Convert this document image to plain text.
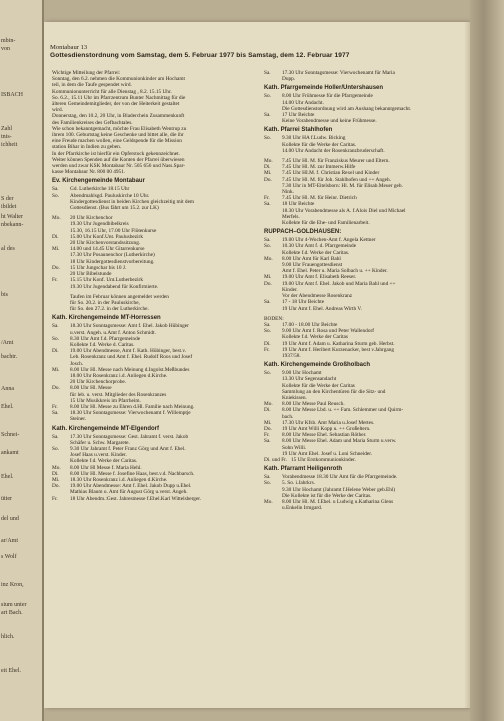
mbin-
von
ISBACH
Zahl
tnis-
ichheit
S der
ibildet
ht Walter
nbekann-
al des
bis
/Amt
bachtr.
Anna
Ehel.
Schnei-
ankamt
Ehel.
ütter
del und
ar/Amt
s Wolf
inz Kron,
sium unter
art Bach.
hlich.
eit Ehel.
Montabaur 13
Gottesdienstordnung vom Samstag, dem 5. Februar 1977 bis Samstag, dem 12. Februar 1977
Wichtige Mitteilung der Pfarrei:
Sonntag, den 6.2. nehmen die Kommunionkinder am Hochamt
teil, in dem die Taufe gespendet wird.
Kommunionunterricht für alle Dienstag , 8.2. 15.15 Uhr.
So. 6.2., 15.11 Uhr im Pfarrzentrum Bunter Nachmittag für die
älteren Gemeindemitglieder, der von der Heiterkeit gestaltet
wird.
Donnerstag, den 10.2, 20 Uhr, in Bladerchein Zusammenkunft
des Familienkreises des Gefbachtales.
Wie schon bekanntgemacht, möchte Frau Elisabeth Wentrup zu
ihrem 100. Geburtstag keine Geschenke und bittet alle, die ihr
eine Freude machen wollen, eine Geldspende für die Mission
station Bihar in Indien zu geben.
In der Pfarrkirche ist hierfür ein Opferstock gekennzeichnet.
Weiter können Spenden auf die Konten der Pfarrei überwiesen
werden und zwar KSK Montabaur Nr. 505 656 und Nass.Spar-
kasse Montabaur Nr. 800 00 4951.
Ev. Kirchengemeinde Montabaur
Sa.	Gd. Lutherkirche 18.15 Uhr
So.	Abendmahlsgd. Pauluskirche 10 Uhr.
Kindergottesdienst in beiden Kirchen gleichzeitig mit dem
Gottesdienst. (Bus fährt um 15.2. zur LK)
Mo.	20 Uhr Kirchenchor
19.30 Uhr Jugendbibelkreis
15.30, 16.15 Uhr, 17.00 Uhr Flötenkurse
Di.	15.00 Uhr Konf.Unt. Paulusbezirk
20 Uhr Kirchenvorstandssitzung.
Mi.	14.00 und 14.45 Uhr Gitarrenkurse
17.30 Uhr Posaunenchor (Lutherkirche)
18 Uhr Kindergottesdienstvorbereitung.
Do.	15 Uhr Jungschar bis 10 J.
20 Uhr Bibelstunde
Fr.	15.15 Uhr Konf. Unt.Lutherbezirk
19.30 Uhr Jugendabend für Konfirmierte.
Taufen im Februar können angemeldet werden
für So. 20.2. in der Pauluskirche,
für So. den 27.2. in der Lutherkirche.
Kath. Kirchengemeinde MT-Horressen
Sa.	18.30 Uhr Sonntagsmesse: Amt f. Ehel. Jakob Hübinger
u.verst. Angeh. u.Amt f. Anton Schmidt.
So.	8.30 Uhr Amt f.d. Pfarrgemeinde
Kollekte f.d. Werke d. Caritas.
Di.	19.00 Uhr Abendmesse, Amt f. Kath. Hübinger, best.v.
Leb. Rosenkranz und Amt f. Ehel. Rudolf Roos und Josef
Josch.
Mi.	8.00 Uhr Hl. Messe nach Meinung d.Ingolst.Meßbundes
18.00 Uhr Rosenkranz i.d. Anliegen d.Kirche.
20 Uhr Kirchenchorprobe.
Do.	8.00 Uhr Hl. Messe
für leb. u. verst. Mitglieder des Rosenkranzes
15 Uhr Musikkreis im Pfarrheim.
Fr.	8.00 Uhr Hl. Messe zu Ehren d.Hl. Familie nach Meinung.
Sa.	18.30 Uhr Sonntagsmesse: Vierwochenamt f. Willemptje
Steiner.
Kath. Kirchengemeinde MT-Elgendorf
Sa.	17.30 Uhr Sonntagsmesse: Gest. Jahramt f. verst. Jakob
Schäfer u. Schw. Margarete.
So.	9.30 Uhr Jahramt f. Peter Franz Görg und Amt f. Ehel.
Josef Haas u.verst. Kinder.
Kollekte f.d. Werke der Caritas.
Mo.	8.00 Uhr Hl Messe f. Maria Hehl.
Di.	8.00 Uhr Hl. Messe f. Josefine Haas, best.v.d. Nachbarsch.
Mi.	18.30 Uhr Rosenkranz i.d. Anliegen d.Kirche.
Do.	19.00 Uhr Abendmesse: Amt f. Ehel. Jakob Dupp u.Ehel.
Mathias Blaum u. Amt für August Görg u.verst. Angeh.
Fr.	18 Uhr Abendm.:Gest. Jahresmesse f.Ehel.Karl Wittelsberger.
Sa.	17.30 Uhr Sonntagsmesse: Vierwochenamt für Maria
Dupp.
Kath. Pfarrgemeinde Holler/Untershausen
So.	8.00 Uhr Frühmesse für die Pfarrgemeinde
14.00 Uhr Andacht.
Die Gottesdienstordnung wird am Aushang bekanntgemacht.
Sa.	17 Uhr Beichte
Keine Vorabendmesse und keine Frühmesse.
Kath. Pfarrei Stahlhofen
So.	9.30 Uhr HA f.Ludw. Bicking
Kollekte für die Werke der Caritas.
14.00 Uhr Andacht der Rosenkranzbruderschaft.
Mo.	7.45 Uhr Hl. M. für Franziskus Meurer und Eltern.
Di.	7.45 Uhr Hl. M. zur Immerw.Hilfe
Mi.	7.45 Uhr HI.M. f. Christian Rexel und Kinder
Do.	7.45 Uhr Hl. M. für Joh. Stahlhofen und ++ Angeh.
7.30 Uhr in MT-Eitelsborn: Hl. M. für Elisab.Meuer geb.
Nink.
Fr.	7.45 Uhr Hl. M. für Heinr. Dietrich
Sa.	18 Uhr Beichte
18.30 Uhr Vorabendmesse als A. f.Alois Diel und Michael
Merfels.
Kollekte für die Ehe- und Familienarbeit.
RUPPACH–GOLDHAUSEN:
Sa.	19.00 Uhr 4-Wochen-Amt f. Angela Kettner
So.	10.30 Uhr Amt f. d. Pfarrgemeinde
Kollekte f.d. Werke der Caritas.
Mo.	8.00 Uhr Amt für Karl Bahl
9.00 Uhr Frauengottesdienst
Amt f. Ehel. Peter u. Maria Solbach u. ++ Kinder.
Mi.	19.00 Uhr Amt f. Elisabeth Reeser.
Do.	19.00 Uhr Amt f. Ehel. Jakob und Maria Bahl und ++
Kinder.
Vor der Abendmesse Rosenkranz
Sa.	17 - 18 Uhr Beichte
19 Uhr Amt f. Ehel. Andreas Wirth V.
BODEN:
Sa.	17.00 - 18.00 Uhr Beichte
So.	9.00 Uhr Amt f. Rosa und Peter Wallendorf
Kollekte f.d. Werke der Caritas
Di.	19 Uhr Amt f. Adam u. Katharina Sturm geb. Herbst.
Fr.	19 Uhr Amt f. Heribert Kurzenacker, best v.Jahrgang
1937/58.
Kath. Kirchengemeinde Großholbach
So.	9.00 Uhr Hochamt
13.30 Uhr Segensandacht
Kollekte für die Werke der Caritas
Sammlung an den Kirchentüren für die Sitz- und
Kniekissen.
Mo.	8.00 Uhr Messe Paul Reusch.
Di.	8.00 Uhr Messe Lbd. u. ++ Fam. Schlemmer und Quirm-
bach.
Mi.	17.30 Uhr Kfsb. Amt Maria u.Josef Mertes.
Do.	19 Uhr Amt Willi Kopp u. ++ Großeltern.
Fr.	8.00 Uhr Messe Ehel. Sebastian Röther.
Sa.	8.00 Uhr Messe Ehel. Adam und Maria Sturm u.verw.
Sohn Willi.
19 Uhr Amt Ehel. Josef u. Loni Schneider.
Di. und Fr. 15 Uhr Erstkommunionkinder.
Kath. Pfarramt Heiligenroth
Sa.	Vorabendmesse 18.30 Uhr Amt für die Pfarrgemeinde.
So.	5. So. i.Jahrkrs.
9.30 Uhr Hochamt (Jahramt f.Helene Weber geb.Ehl)
Die Kollekte ist für die Werke der Caritas.
Mo.	8.00 Uhr Hl. M. f.Ehel. u Ludwig u.Katharina Glens
u.Enkelin Irmgard.
